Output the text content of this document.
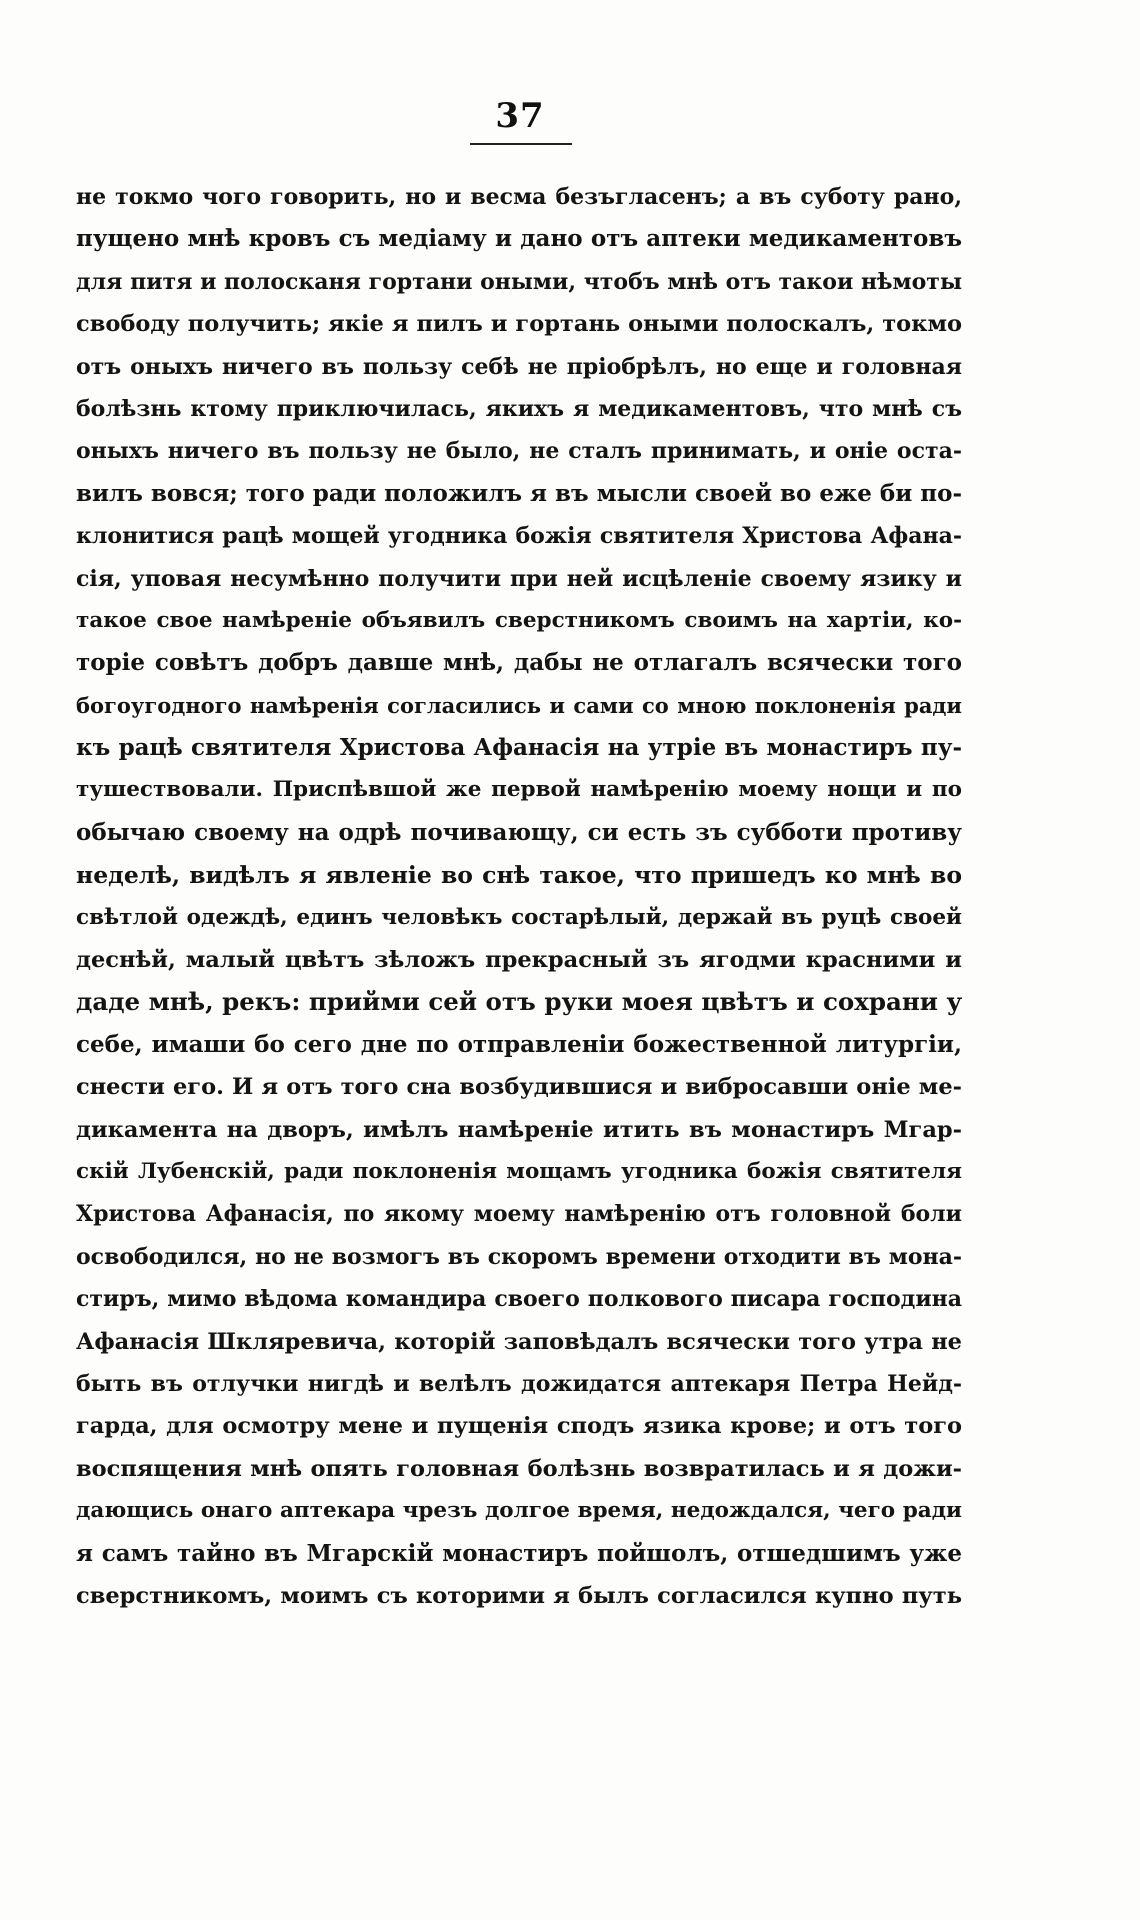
37
не токмо чого говорить, но и весма безъгласенъ; а въ суботу рано,
пущено мнѣ кровъ съ медіаму и дано отъ аптеки медикаментовъ
для питя и полосканя гортани оными, чтобъ мнѣ отъ такои нѣмоты
свободу получить; якіе я пилъ и гортань оными полоскалъ, токмо
отъ оныхъ ничего въ пользу себѣ не пріобрѣлъ, но еще и головная
болѣзнь ктому приключилась, якихъ я медикаментовъ, что мнѣ съ
оныхъ ничего въ пользу не было, не сталъ принимать, и оніе оста-
вилъ вовся; того ради положилъ я въ мысли своей во еже би по-
клонитися рацѣ мощей угодника божія святителя Христова Афана-
сія, уповая несумѣнно получити при ней исцѣленіе своему язику и
такое свое намѣреніе объявилъ сверстникомъ своимъ на хартіи, ко-
торіе совѣтъ добръ давше мнѣ, дабы не отлагалъ всячески того
богоугодного намѣренія согласились и сами со мною поклоненія ради
къ рацѣ святителя Христова Афанасія на утріе въ монастиръ пу-
тушествовали. Приспѣвшой же первой намѣренію моему нощи и по
обычаю своему на одрѣ почивающу, си есть зъ субботи противу
неделѣ, видѣлъ я явленіе во снѣ такое, что пришедъ ко мнѣ во
свѣтлой одеждѣ, единъ человѣкъ состарѣлый, держай въ руцѣ своей
деснѣй, малый цвѣтъ зѣложъ прекрасный зъ ягодми красними и
даде мнѣ, рекъ: прийми сей отъ руки моея цвѣтъ и сохрани у
себе, имаши бо сего дне по отправленіи божественной литургіи,
снести его. И я отъ того сна возбудившися и вибросавши оніе ме-
дикамента на дворъ, имѣлъ намѣреніе итить въ монастиръ Мгар-
скій Лубенскій, ради поклоненія мощамъ угодника божія святителя
Христова Афанасія, по якому моему намѣренію отъ головной боли
освободился, но не возмогъ въ скоромъ времени отходити въ мона-
стиръ, мимо вѣдома командира своего полкового писара господина
Афанасія Шкляревича, которій заповѣдалъ всячески того утра не
быть въ отлучки нигдѣ и велѣлъ дожидатся аптекаря Петра Нейд-
гарда, для осмотру мене и пущенія сподъ язика крове; и отъ того
воспящения мнѣ опять головная болѣзнь возвратилась и я дожи-
дающись онаго аптекара чрезъ долгое время, недождался, чего ради
я самъ тайно въ Мгарскій монастиръ пойшолъ, отшедшимъ уже
сверстникомъ, моимъ съ которими я былъ согласился купно путь
